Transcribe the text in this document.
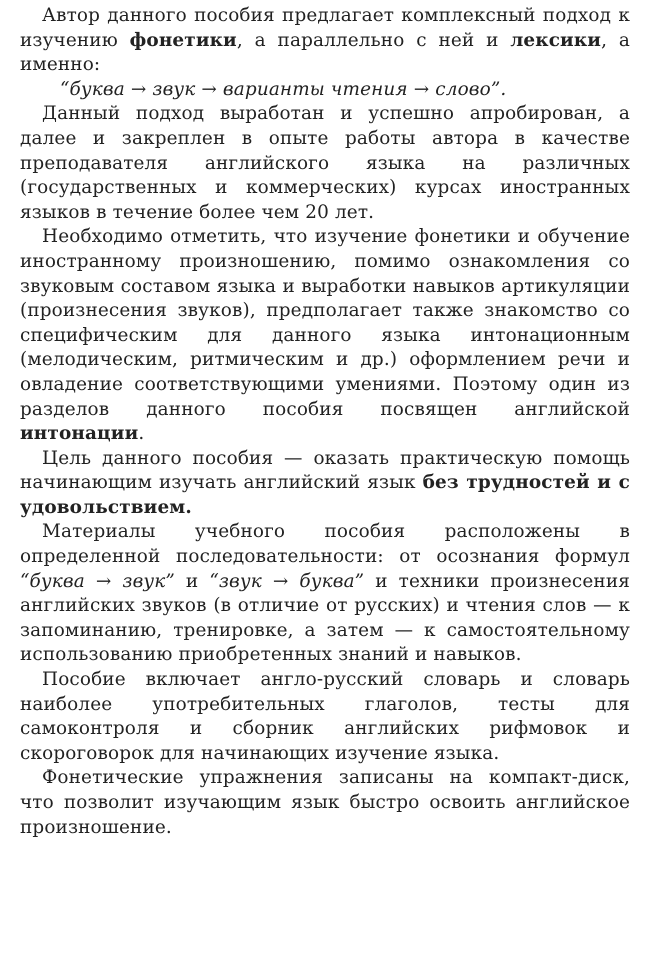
Автор данного пособия предлагает комплексный подход к изучению фонетики, а параллельно с ней и лексики, а именно:

“буква → звук → варианты чтения → слово”.

Данный подход выработан и успешно апробирован, а далее и закреплен в опыте работы автора в качестве преподавателя английского языка на различных (государственных и коммерческих) курсах иностранных языков в течение более чем 20 лет.

Необходимо отметить, что изучение фонетики и обучение иностранному произношению, помимо ознакомления со звуковым составом языка и выработки навыков артикуляции (произнесения звуков), предполагает также знакомство со специфическим для данного языка интонационным (мелодическим, ритмическим и др.) оформлением речи и овладение соответствующими умениями. Поэтому один из разделов данного пособия посвящен английской интонации.

Цель данного пособия — оказать практическую помощь начинающим изучать английский язык без трудностей и с удовольствием.

Материалы учебного пособия расположены в определенной последовательности: от осознания формул “буква → звук” и “звук → буква” и техники произнесения английских звуков (в отличие от русских) и чтения слов — к запоминанию, тренировке, а затем — к самостоятельному использованию приобретенных знаний и навыков.

Пособие включает англо-русский словарь и словарь наиболее употребительных глаголов, тесты для самоконтроля и сборник английских рифмовок и скороговорок для начинающих изучение языка.

Фонетические упражнения записаны на компакт-диск, что позволит изучающим язык быстро освоить английское произношение.
